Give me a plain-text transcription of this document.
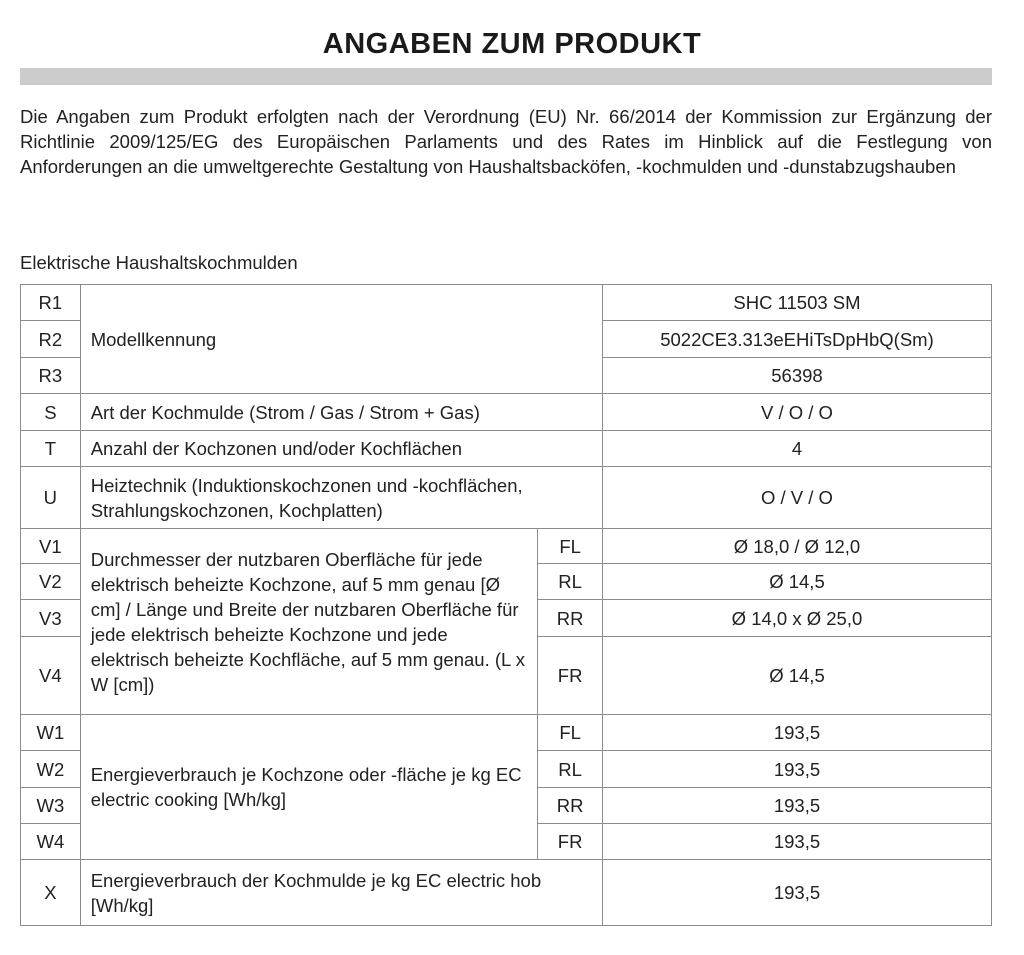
ANGABEN ZUM PRODUKT
Die Angaben zum Produkt erfolgten nach der Verordnung (EU) Nr. 66/2014 der Kommission zur Ergänzung der Richtlinie 2009/125/EG des Europäischen Parlaments und des Rates im Hinblick auf die Festlegung von Anforderungen an die umweltgerechte Gestaltung von Haushaltsbacköfen, -kochmulden und -dunstabzugshauben
Elektrische Haushaltskochmulden
R1	Modellkennung		SHC 11503 SM
R2			5022CE3.313eEHiTsDpHbQ(Sm)
R3			56398
S	Art der Kochmulde (Strom / Gas / Strom + Gas)		V / O / O
T	Anzahl der Kochzonen und/oder Kochflächen		4
U	Heiztechnik (Induktionskochzonen und -kochflächen, Strahlungskochzonen, Kochplatten)		O / V / O
V1	Durchmesser der nutzbaren Oberfläche für jede elektrisch beheizte Kochzone, auf 5 mm genau [Ø cm] / Länge und Breite der nutzbaren Oberfläche für jede elektrisch beheizte Kochzone und jede elektrisch beheizte Kochfläche, auf 5 mm genau. (L x W [cm])	FL	Ø 18,0 / Ø 12,0
V2		RL	Ø 14,5
V3		RR	Ø 14,0 x Ø 25,0
V4		FR	Ø 14,5
W1	Energieverbrauch je Kochzone oder -fläche je kg EC electric cooking [Wh/kg]	FL	193,5
W2		RL	193,5
W3		RR	193,5
W4		FR	193,5
X	Energieverbrauch der Kochmulde je kg EC electric hob [Wh/kg]		193,5
